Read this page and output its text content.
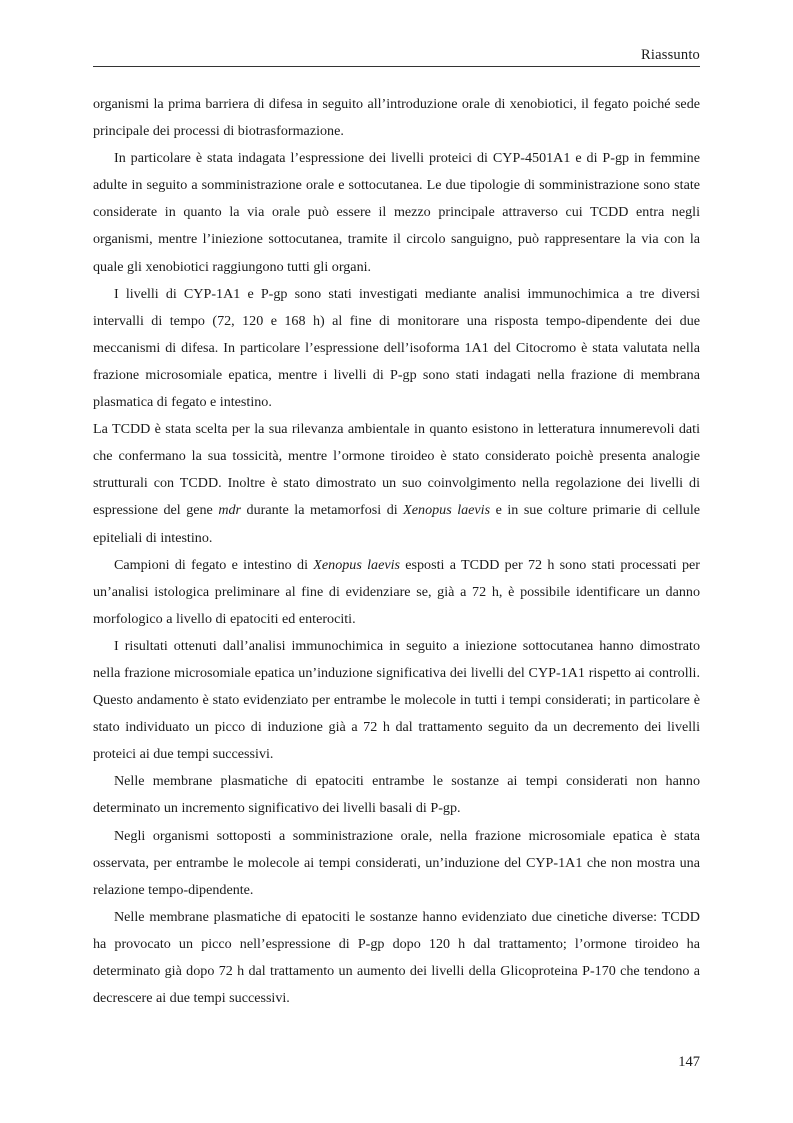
Riassunto

organismi la prima barriera di difesa in seguito all’introduzione orale di xenobiotici, il fegato poiché sede principale dei processi di biotrasformazione.

In particolare è stata indagata l’espressione dei livelli proteici di CYP-4501A1 e di P-gp in femmine adulte in seguito a somministrazione orale e sottocutanea. Le due tipologie di somministrazione sono state considerate in quanto la via orale può essere il mezzo principale attraverso cui TCDD entra negli organismi, mentre l’iniezione sottocutanea, tramite il circolo sanguigno, può rappresentare la via con la quale gli xenobiotici raggiungono tutti gli organi.

I livelli di CYP-1A1 e P-gp sono stati investigati mediante analisi immunochimica a tre diversi intervalli di tempo (72, 120 e 168 h) al fine di monitorare una risposta tempo-dipendente dei due meccanismi di difesa. In particolare l’espressione dell’isoforma 1A1 del Citocromo è stata valutata nella frazione microsomiale epatica, mentre i livelli di P-gp sono stati indagati nella frazione di membrana plasmatica di fegato e intestino.

La TCDD è stata scelta per la sua rilevanza ambientale in quanto esistono in letteratura innumerevoli dati che confermano la sua tossicità, mentre l’ormone tiroideo è stato considerato poichè presenta analogie strutturali con TCDD. Inoltre è stato dimostrato un suo coinvolgimento nella regolazione dei livelli di espressione del gene mdr durante la metamorfosi di Xenopus laevis e in sue colture primarie di cellule epiteliali di intestino.

Campioni di fegato e intestino di Xenopus laevis esposti a TCDD per 72 h sono stati processati per un’analisi istologica preliminare al fine di evidenziare se, già a 72 h, è possibile identificare un danno morfologico a livello di epatociti ed enterociti.

I risultati ottenuti dall’analisi immunochimica in seguito a iniezione sottocutanea hanno dimostrato nella frazione microsomiale epatica un’induzione significativa dei livelli del CYP-1A1 rispetto ai controlli. Questo andamento è stato evidenziato per entrambe le molecole in tutti i tempi considerati; in particolare è stato individuato un picco di induzione già a 72 h dal trattamento seguito da un decremento dei livelli proteici ai due tempi successivi.

Nelle membrane plasmatiche di epatociti entrambe le sostanze ai tempi considerati non hanno determinato un incremento significativo dei livelli basali di P-gp.

Negli organismi sottoposti a somministrazione orale, nella frazione microsomiale epatica è stata osservata, per entrambe le molecole ai tempi considerati, un’induzione del CYP-1A1 che non mostra una relazione tempo-dipendente.

Nelle membrane plasmatiche di epatociti le sostanze hanno evidenziato due cinetiche diverse: TCDD ha provocato un picco nell’espressione di P-gp dopo 120 h dal trattamento; l’ormone tiroideo ha determinato già dopo 72 h dal trattamento un aumento dei livelli della Glicoproteina P-170 che tendono a decrescere ai due tempi successivi.

147
